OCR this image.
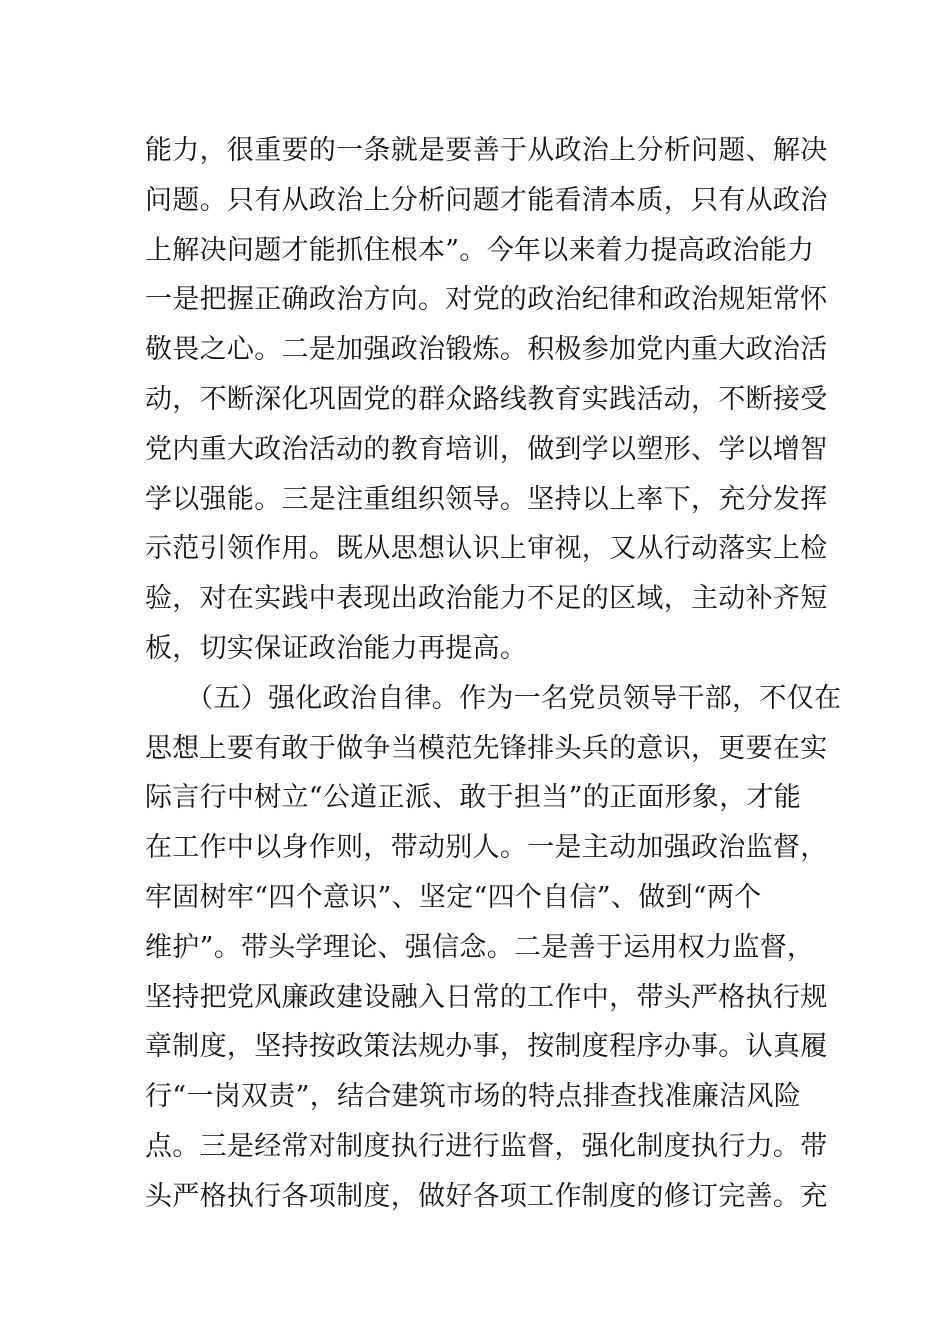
能力，很重要的一条就是要善于从政治上分析问题、解决
问题。只有从政治上分析问题才能看清本质，只有从政治
上解决问题才能抓住根本”。今年以来着力提高政治能力
一是把握正确政治方向。对党的政治纪律和政治规矩常怀
敬畏之心。二是加强政治锻炼。积极参加党内重大政治活
动，不断深化巩固党的群众路线教育实践活动，不断接受
党内重大政治活动的教育培训，做到学以塑形、学以增智
学以强能。三是注重组织领导。坚持以上率下，充分发挥
示范引领作用。既从思想认识上审视，又从行动落实上检
验，对在实践中表现出政治能力不足的区域，主动补齐短
板，切实保证政治能力再提高。
　　（五）强化政治自律。作为一名党员领导干部，不仅在
思想上要有敢于做争当模范先锋排头兵的意识，更要在实
际言行中树立“公道正派、敢于担当”的正面形象，才能
在工作中以身作则，带动别人。一是主动加强政治监督，
牢固树牢“四个意识”、坚定“四个自信”、做到“两个
维护”。带头学理论、强信念。二是善于运用权力监督，
坚持把党风廉政建设融入日常的工作中，带头严格执行规
章制度，坚持按政策法规办事，按制度程序办事。认真履
行“一岗双责”，结合建筑市场的特点排查找准廉洁风险
点。三是经常对制度执行进行监督，强化制度执行力。带
头严格执行各项制度，做好各项工作制度的修订完善。充
